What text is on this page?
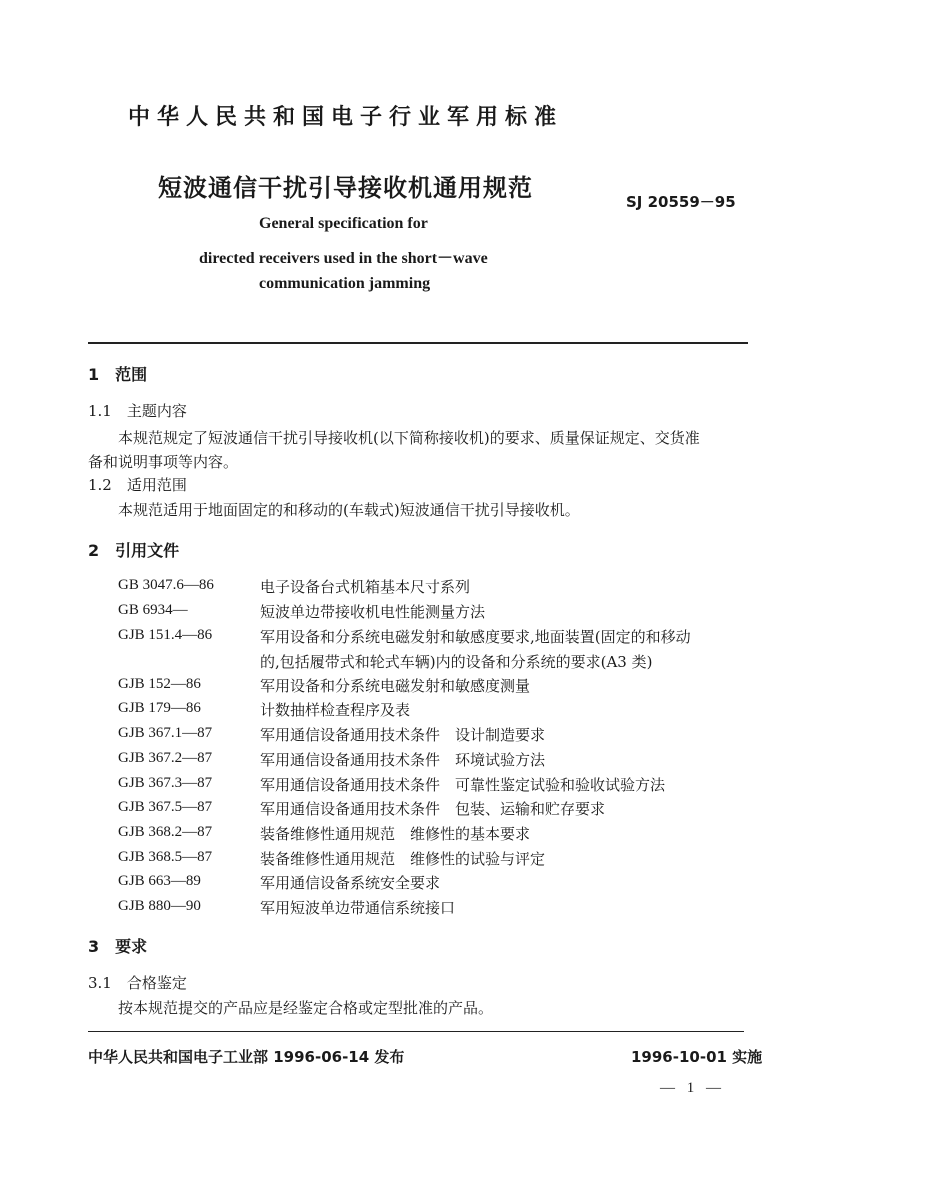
中华人民共和国电子行业军用标准
短波通信干扰引导接收机通用规范	SJ 20559－95
General specification for
directed receivers used in the short－wave
communication jamming
1　范围
1.1　主题内容
本规范规定了短波通信干扰引导接收机(以下简称接收机)的要求、质量保证规定、交货准
备和说明事项等内容。
1.2　适用范围
本规范适用于地面固定的和移动的(车载式)短波通信干扰引导接收机。
2　引用文件
GB 3047.6—86	电子设备台式机箱基本尺寸系列
GB 6934—	短波单边带接收机电性能测量方法
GJB 151.4—86	军用设备和分系统电磁发射和敏感度要求,地面装置(固定的和移动
的,包括履带式和轮式车辆)内的设备和分系统的要求(A3 类)
GJB 152—86	军用设备和分系统电磁发射和敏感度测量
GJB 179—86	计数抽样检查程序及表
GJB 367.1—87	军用通信设备通用技术条件　设计制造要求
GJB 367.2—87	军用通信设备通用技术条件　环境试验方法
GJB 367.3—87	军用通信设备通用技术条件　可靠性鉴定试验和验收试验方法
GJB 367.5—87	军用通信设备通用技术条件　包装、运输和贮存要求
GJB 368.2—87	装备维修性通用规范　维修性的基本要求
GJB 368.5—87	装备维修性通用规范　维修性的试验与评定
GJB 663—89	军用通信设备系统安全要求
GJB 880—90	军用短波单边带通信系统接口
3　要求
3.1　合格鉴定
按本规范提交的产品应是经鉴定合格或定型批准的产品。
中华人民共和国电子工业部 1996-06-14 发布	1996-10-01 实施
— 1 —
